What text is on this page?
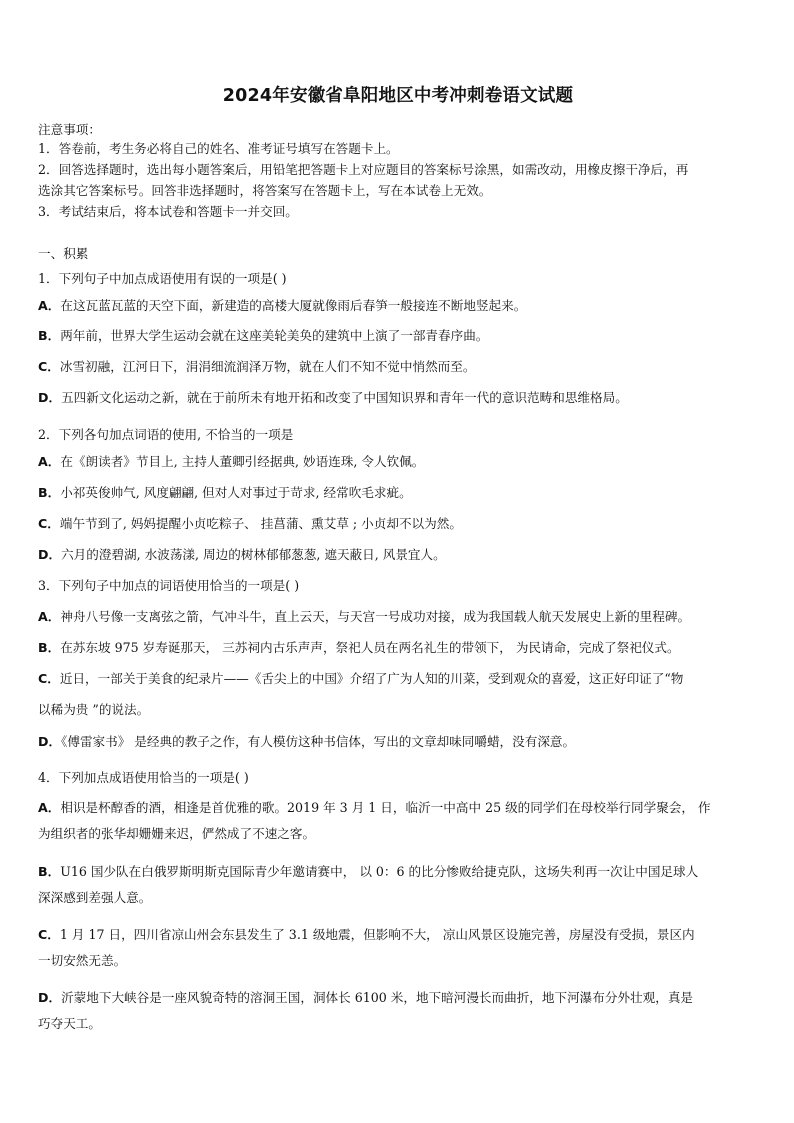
2024年安徽省阜阳地区中考冲刺卷语文试题
注意事项：
1．答卷前，考生务必将自己的姓名、准考证号填写在答题卡上。
2．回答选择题时，选出每小题答案后，用铅笔把答题卡上对应题目的答案标号涂黑，如需改动，用橡皮擦干净后，再
选涂其它答案标号。回答非选择题时，将答案写在答题卡上，写在本试卷上无效。
3．考试结束后，将本试卷和答题卡一并交回。
一、积累
1．下列句子中加点成语使用有误的一项是( )
A．在这瓦蓝瓦蓝的天空下面，新建造的高楼大厦就像雨后春笋一般接连不断地竖起来。
B．两年前，世界大学生运动会就在这座美轮美奂的建筑中上演了一部青春序曲。
C．冰雪初融，江河日下，涓涓细流润泽万物，就在人们不知不觉中悄然而至。
D．五四新文化运动之新，就在于前所未有地开拓和改变了中国知识界和青年一代的意识范畴和思维格局。
2．下列各句加点词语的使用, 不恰当的一项是
A．在《朗读者》节目上, 主持人董卿引经据典, 妙语连珠, 令人钦佩。
B．小祁英俊帅气, 风度翩翩, 但对人对事过于苛求, 经常吹毛求疵。
C．端午节到了, 妈妈提醒小贞吃粽子、 挂菖蒲、熏艾草 ; 小贞却不以为然。
D．六月的澄碧湖, 水波荡漾, 周边的树林郁郁葱葱, 遮天蔽日, 风景宜人。
3．下列句子中加点的词语使用恰当的一项是( )
A．神舟八号像一支离弦之箭，气冲斗牛，直上云天，与天宫一号成功对接，成为我国载人航天发展史上新的里程碑。
B．在苏东坡 975 岁寿诞那天， 三苏祠内古乐声声，祭祀人员在两名礼生的带领下， 为民请命，完成了祭祀仪式。
C．近日，一部关于美食的纪录片——《舌尖上的中国》介绍了广为人知的川菜，受到观众的喜爱，这正好印证了“物
以稀为贵 ”的说法。
D．《傅雷家书》 是经典的教子之作，有人模仿这种书信体，写出的文章却味同嚼蜡，没有深意。
4．下列加点成语使用恰当的一项是( )
A．相识是杯醇香的酒，相逢是首优雅的歌。2019 年 3 月 1 日，临沂一中高中 25 级的同学们在母校举行同学聚会， 作
为组织者的张华却姗姗来迟，俨然成了不速之客。
B．U16 国少队在白俄罗斯明斯克国际青少年邀请赛中， 以 0：6 的比分惨败给捷克队，这场失利再一次让中国足球人
深深感到差强人意。
C．1 月 17 日，四川省凉山州会东县发生了 3.1 级地震，但影响不大， 凉山风景区设施完善，房屋没有受损，景区内
一切安然无恙。
D．沂蒙地下大峡谷是一座风貌奇特的溶洞王国，洞体长 6100 米，地下暗河漫长而曲折，地下河瀑布分外壮观，真是
巧夺天工。
